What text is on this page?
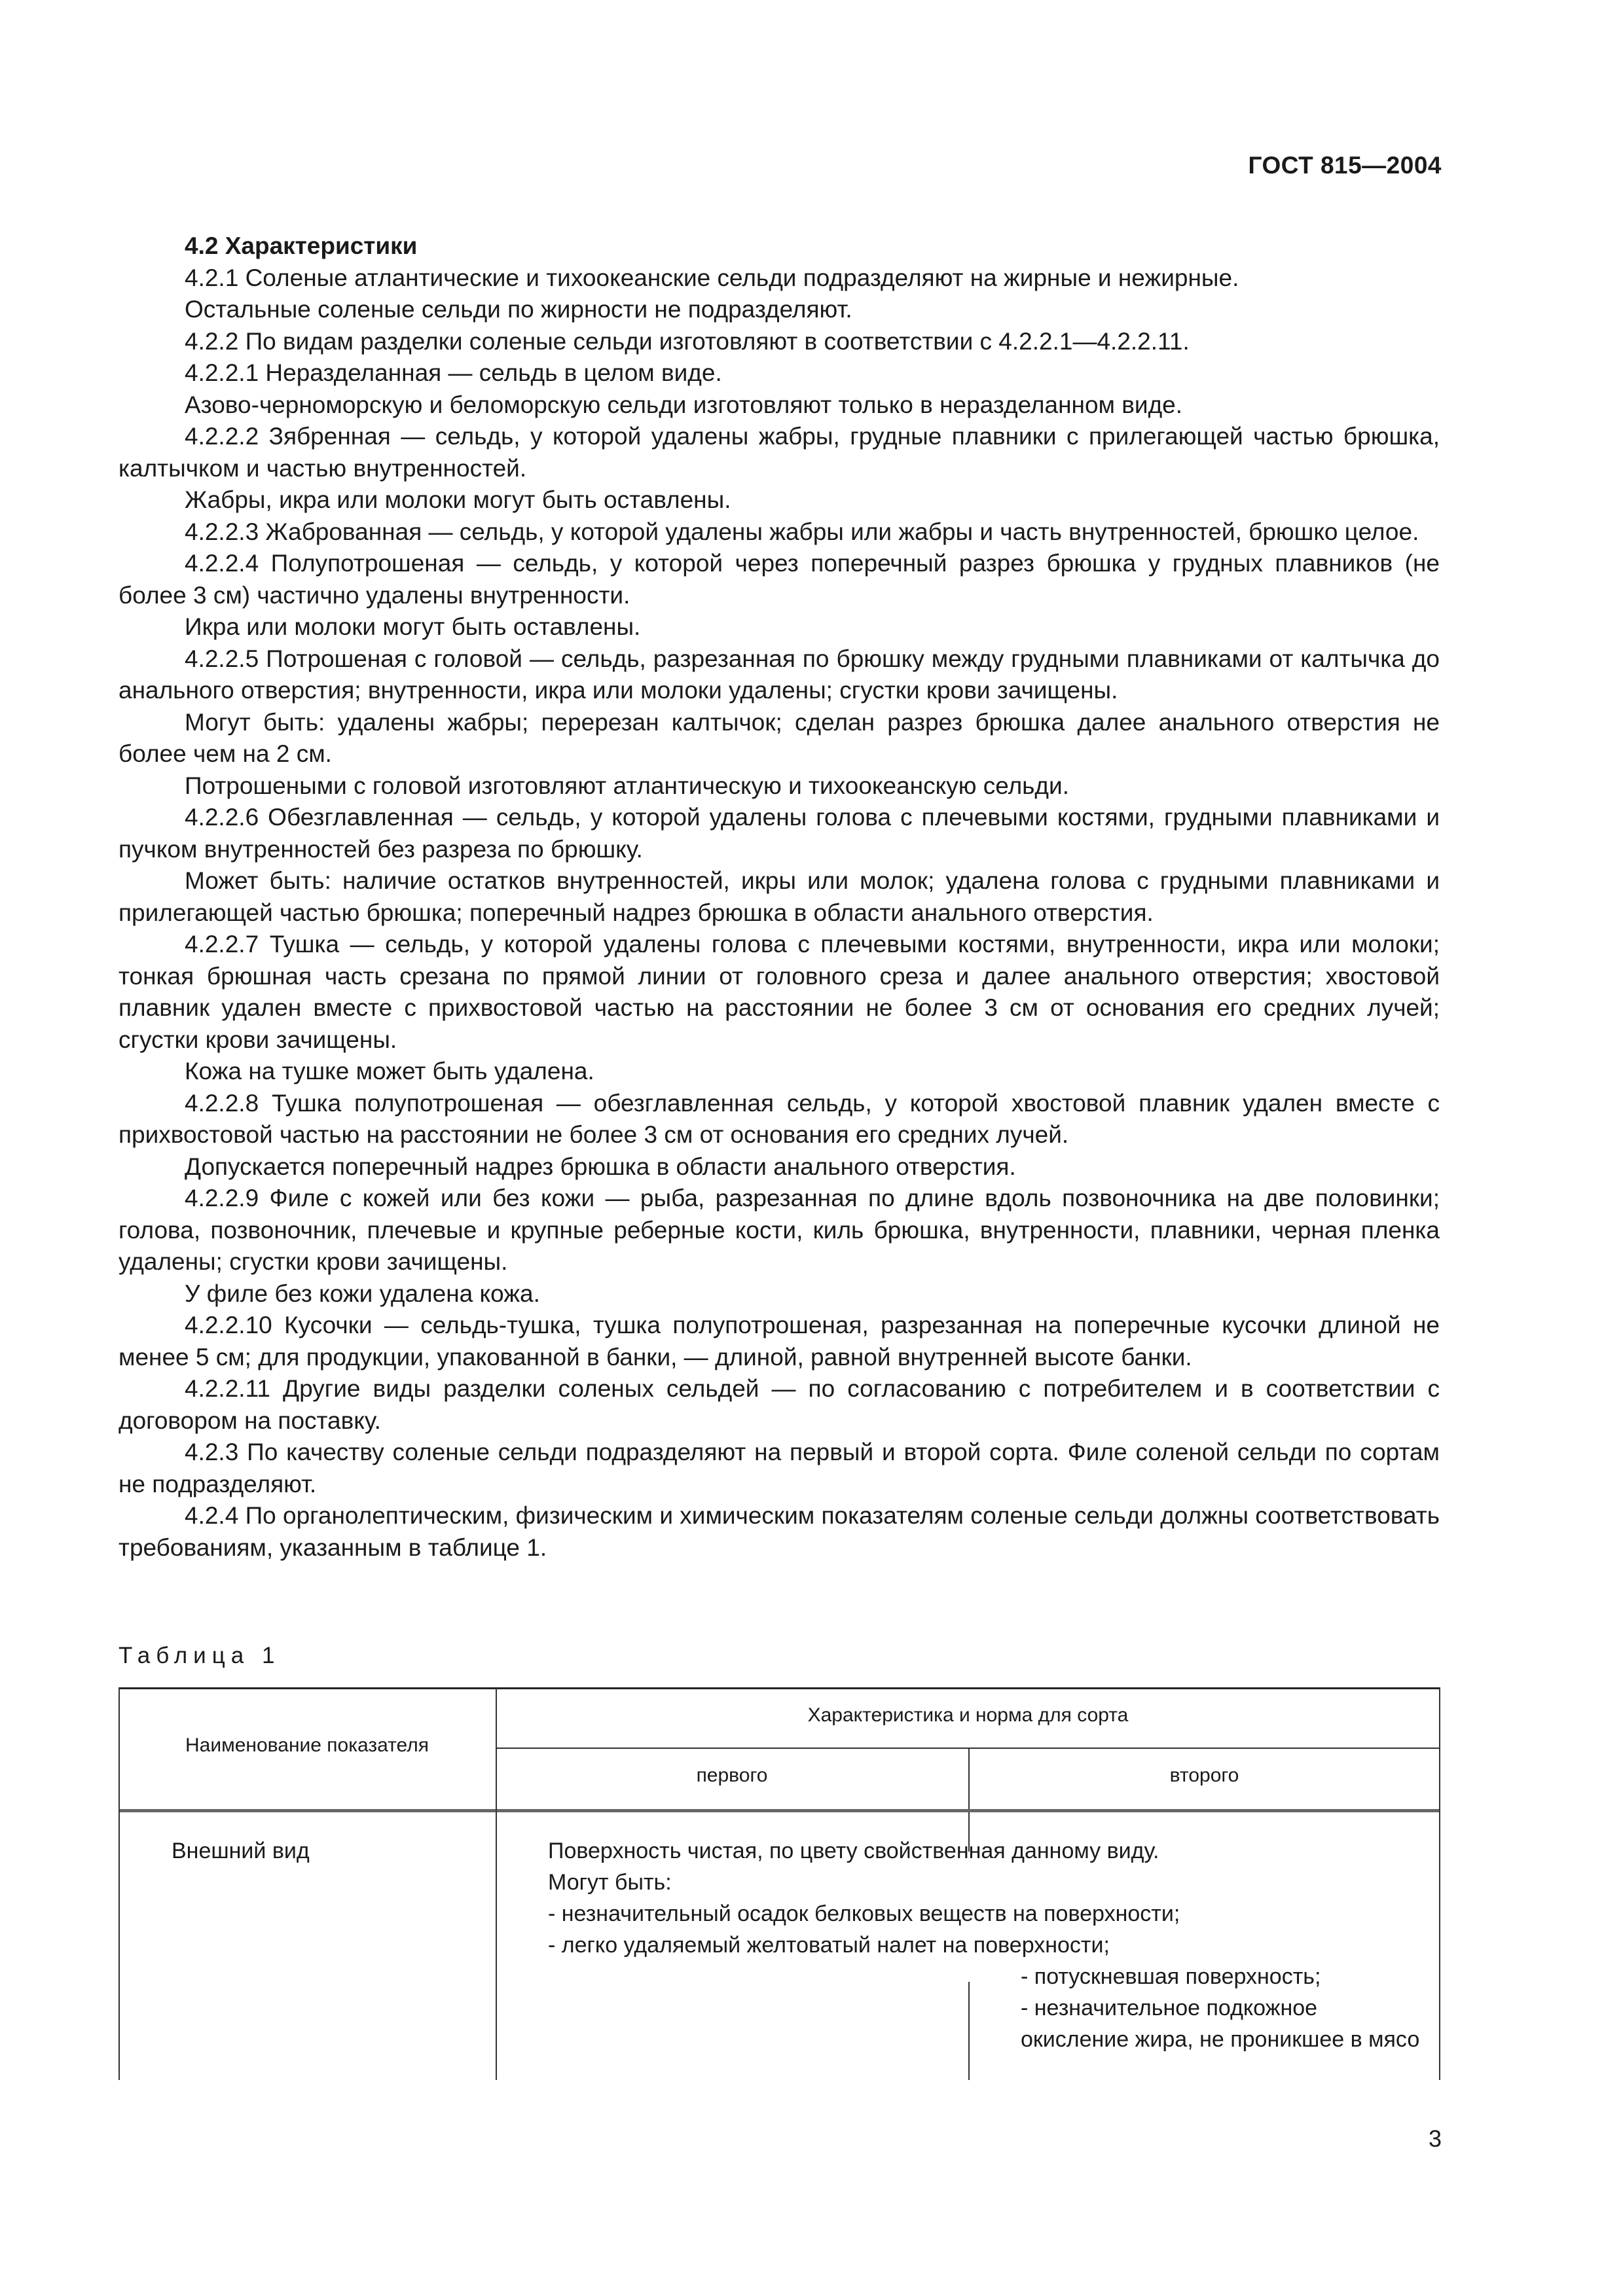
ГОСТ 815—2004
4.2 Характеристики
4.2.1 Соленые атлантические и тихоокеанские сельди подразделяют на жирные и нежирные.
Остальные соленые сельди по жирности не подразделяют.
4.2.2 По видам разделки соленые сельди изготовляют в соответствии с 4.2.2.1—4.2.2.11.
4.2.2.1 Неразделанная — сельдь в целом виде.
Азово-черноморскую и беломорскую сельди изготовляют только в неразделанном виде.
4.2.2.2 Зябренная — сельдь, у которой удалены жабры, грудные плавники с прилегающей частью брюшка, калтычком и частью внутренностей.
Жабры, икра или молоки могут быть оставлены.
4.2.2.3 Жаброванная — сельдь, у которой удалены жабры или жабры и часть внутренностей, брюшко целое.
4.2.2.4 Полупотрошеная — сельдь, у которой через поперечный разрез брюшка у грудных плавников (не более 3 см) частично удалены внутренности.
Икра или молоки могут быть оставлены.
4.2.2.5 Потрошеная с головой — сельдь, разрезанная по брюшку между грудными плавниками от калтычка до анального отверстия; внутренности, икра или молоки удалены; сгустки крови зачищены.
Могут быть: удалены жабры; перерезан калтычок; сделан разрез брюшка далее анального отверстия не более чем на 2 см.
Потрошеными с головой изготовляют атлантическую и тихоокеанскую сельди.
4.2.2.6 Обезглавленная — сельдь, у которой удалены голова с плечевыми костями, грудными плавниками и пучком внутренностей без разреза по брюшку.
Может быть: наличие остатков внутренностей, икры или молок; удалена голова с грудными плавниками и прилегающей частью брюшка; поперечный надрез брюшка в области анального отверстия.
4.2.2.7 Тушка — сельдь, у которой удалены голова с плечевыми костями, внутренности, икра или молоки; тонкая брюшная часть срезана по прямой линии от головного среза и далее анального отверстия; хвостовой плавник удален вместе с прихвостовой частью на расстоянии не более 3 см от основания его средних лучей; сгустки крови зачищены.
Кожа на тушке может быть удалена.
4.2.2.8 Тушка полупотрошеная — обезглавленная сельдь, у которой хвостовой плавник удален вместе с прихвостовой частью на расстоянии не более 3 см от основания его средних лучей.
Допускается поперечный надрез брюшка в области анального отверстия.
4.2.2.9 Филе с кожей или без кожи — рыба, разрезанная по длине вдоль позвоночника на две половинки; голова, позвоночник, плечевые и крупные реберные кости, киль брюшка, внутренности, плавники, черная пленка удалены; сгустки крови зачищены.
У филе без кожи удалена кожа.
4.2.2.10 Кусочки — сельдь-тушка, тушка полупотрошеная, разрезанная на поперечные кусочки длиной не менее 5 см; для продукции, упакованной в банки, — длиной, равной внутренней высоте банки.
4.2.2.11 Другие виды разделки соленых сельдей — по согласованию с потребителем и в соответствии с договором на поставку.
4.2.3 По качеству соленые сельди подразделяют на первый и второй сорта. Филе соленой сельди по сортам не подразделяют.
4.2.4 По органолептическим, физическим и химическим показателям соленые сельди должны соответствовать требованиям, указанным в таблице 1.
Таблица 1
Наименование показателя
Характеристика и норма для сорта
первого	второго
Внешний вид	Поверхность чистая, по цвету свойственная данному виду.
Могут быть:
- незначительный осадок белковых веществ на поверхности;
- легко удаляемый желтоватый налет на поверхности;
- потускневшая поверхность;
- незначительное подкожное окисление жира, не проникшее в мясо
3
